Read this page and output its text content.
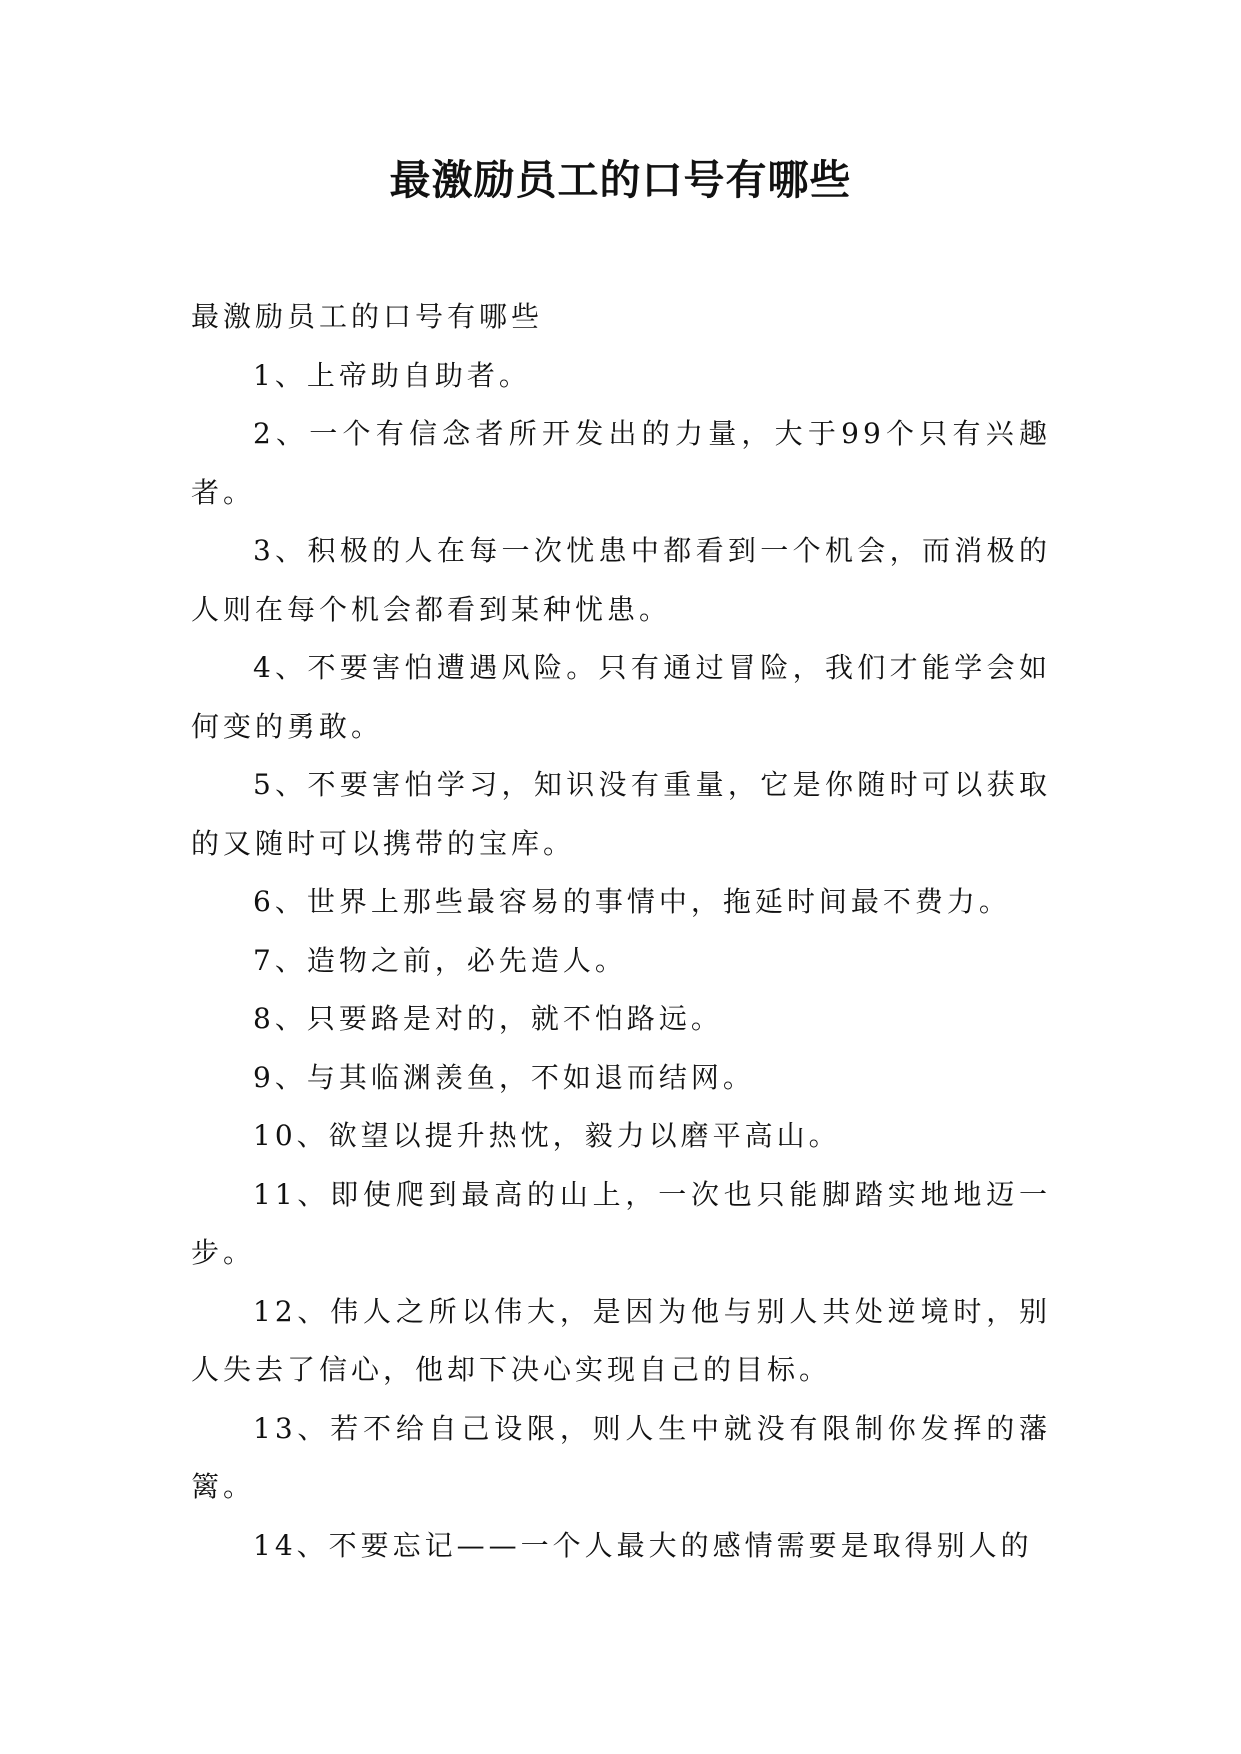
最激励员工的口号有哪些

最激励员工的口号有哪些

1、上帝助自助者。

2、一个有信念者所开发出的力量，大于99个只有兴趣者。

3、积极的人在每一次忧患中都看到一个机会，而消极的人则在每个机会都看到某种忧患。

4、不要害怕遭遇风险。只有通过冒险，我们才能学会如何变的勇敢。

5、不要害怕学习，知识没有重量，它是你随时可以获取的又随时可以携带的宝库。

6、世界上那些最容易的事情中，拖延时间最不费力。

7、造物之前，必先造人。

8、只要路是对的，就不怕路远。

9、与其临渊羡鱼，不如退而结网。

10、欲望以提升热忱，毅力以磨平高山。

11、即使爬到最高的山上，一次也只能脚踏实地地迈一步。

12、伟人之所以伟大，是因为他与别人共处逆境时，别人失去了信心，他却下决心实现自己的目标。

13、若不给自己设限，则人生中就没有限制你发挥的藩篱。

14、不要忘记——一个人最大的感情需要是取得别人的
